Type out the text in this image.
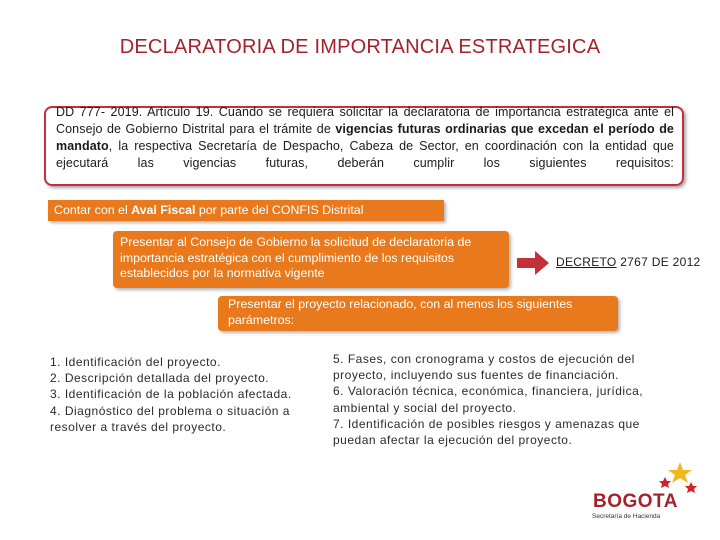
DECLARATORIA DE IMPORTANCIA ESTRATEGICA
DD 777- 2019. Artículo 19. Cuando se requiera solicitar la declaratoria de importancia estratégica ante el Consejo de Gobierno Distrital para el trámite de vigencias futuras ordinarias que excedan el período de mandato, la respectiva Secretaría de Despacho, Cabeza de Sector, en coordinación con la entidad que ejecutará las vigencias futuras, deberán cumplir los siguientes requisitos:
Contar con el Aval Fiscal por parte del CONFIS Distrital
Presentar al Consejo de Gobierno la solicitud de declaratoria de importancia estratégica con el cumplimiento de los requisitos establecidos por la normativa vigente
DECRETO 2767 DE 2012
Presentar el proyecto relacionado, con al menos los siguientes parámetros:
1. Identificación del proyecto.
2. Descripción detallada del proyecto.
3. Identificación de la población afectada.
4. Diagnóstico del problema o situación a resolver a través del proyecto.
5. Fases, con cronograma y costos de ejecución del proyecto, incluyendo sus fuentes de financiación.
6. Valoración técnica, económica, financiera, jurídica, ambiental y social del proyecto.
7. Identificación de posibles riesgos y amenazas que puedan afectar la ejecución del proyecto.
BOGOTA
Secretaría de Hacienda
